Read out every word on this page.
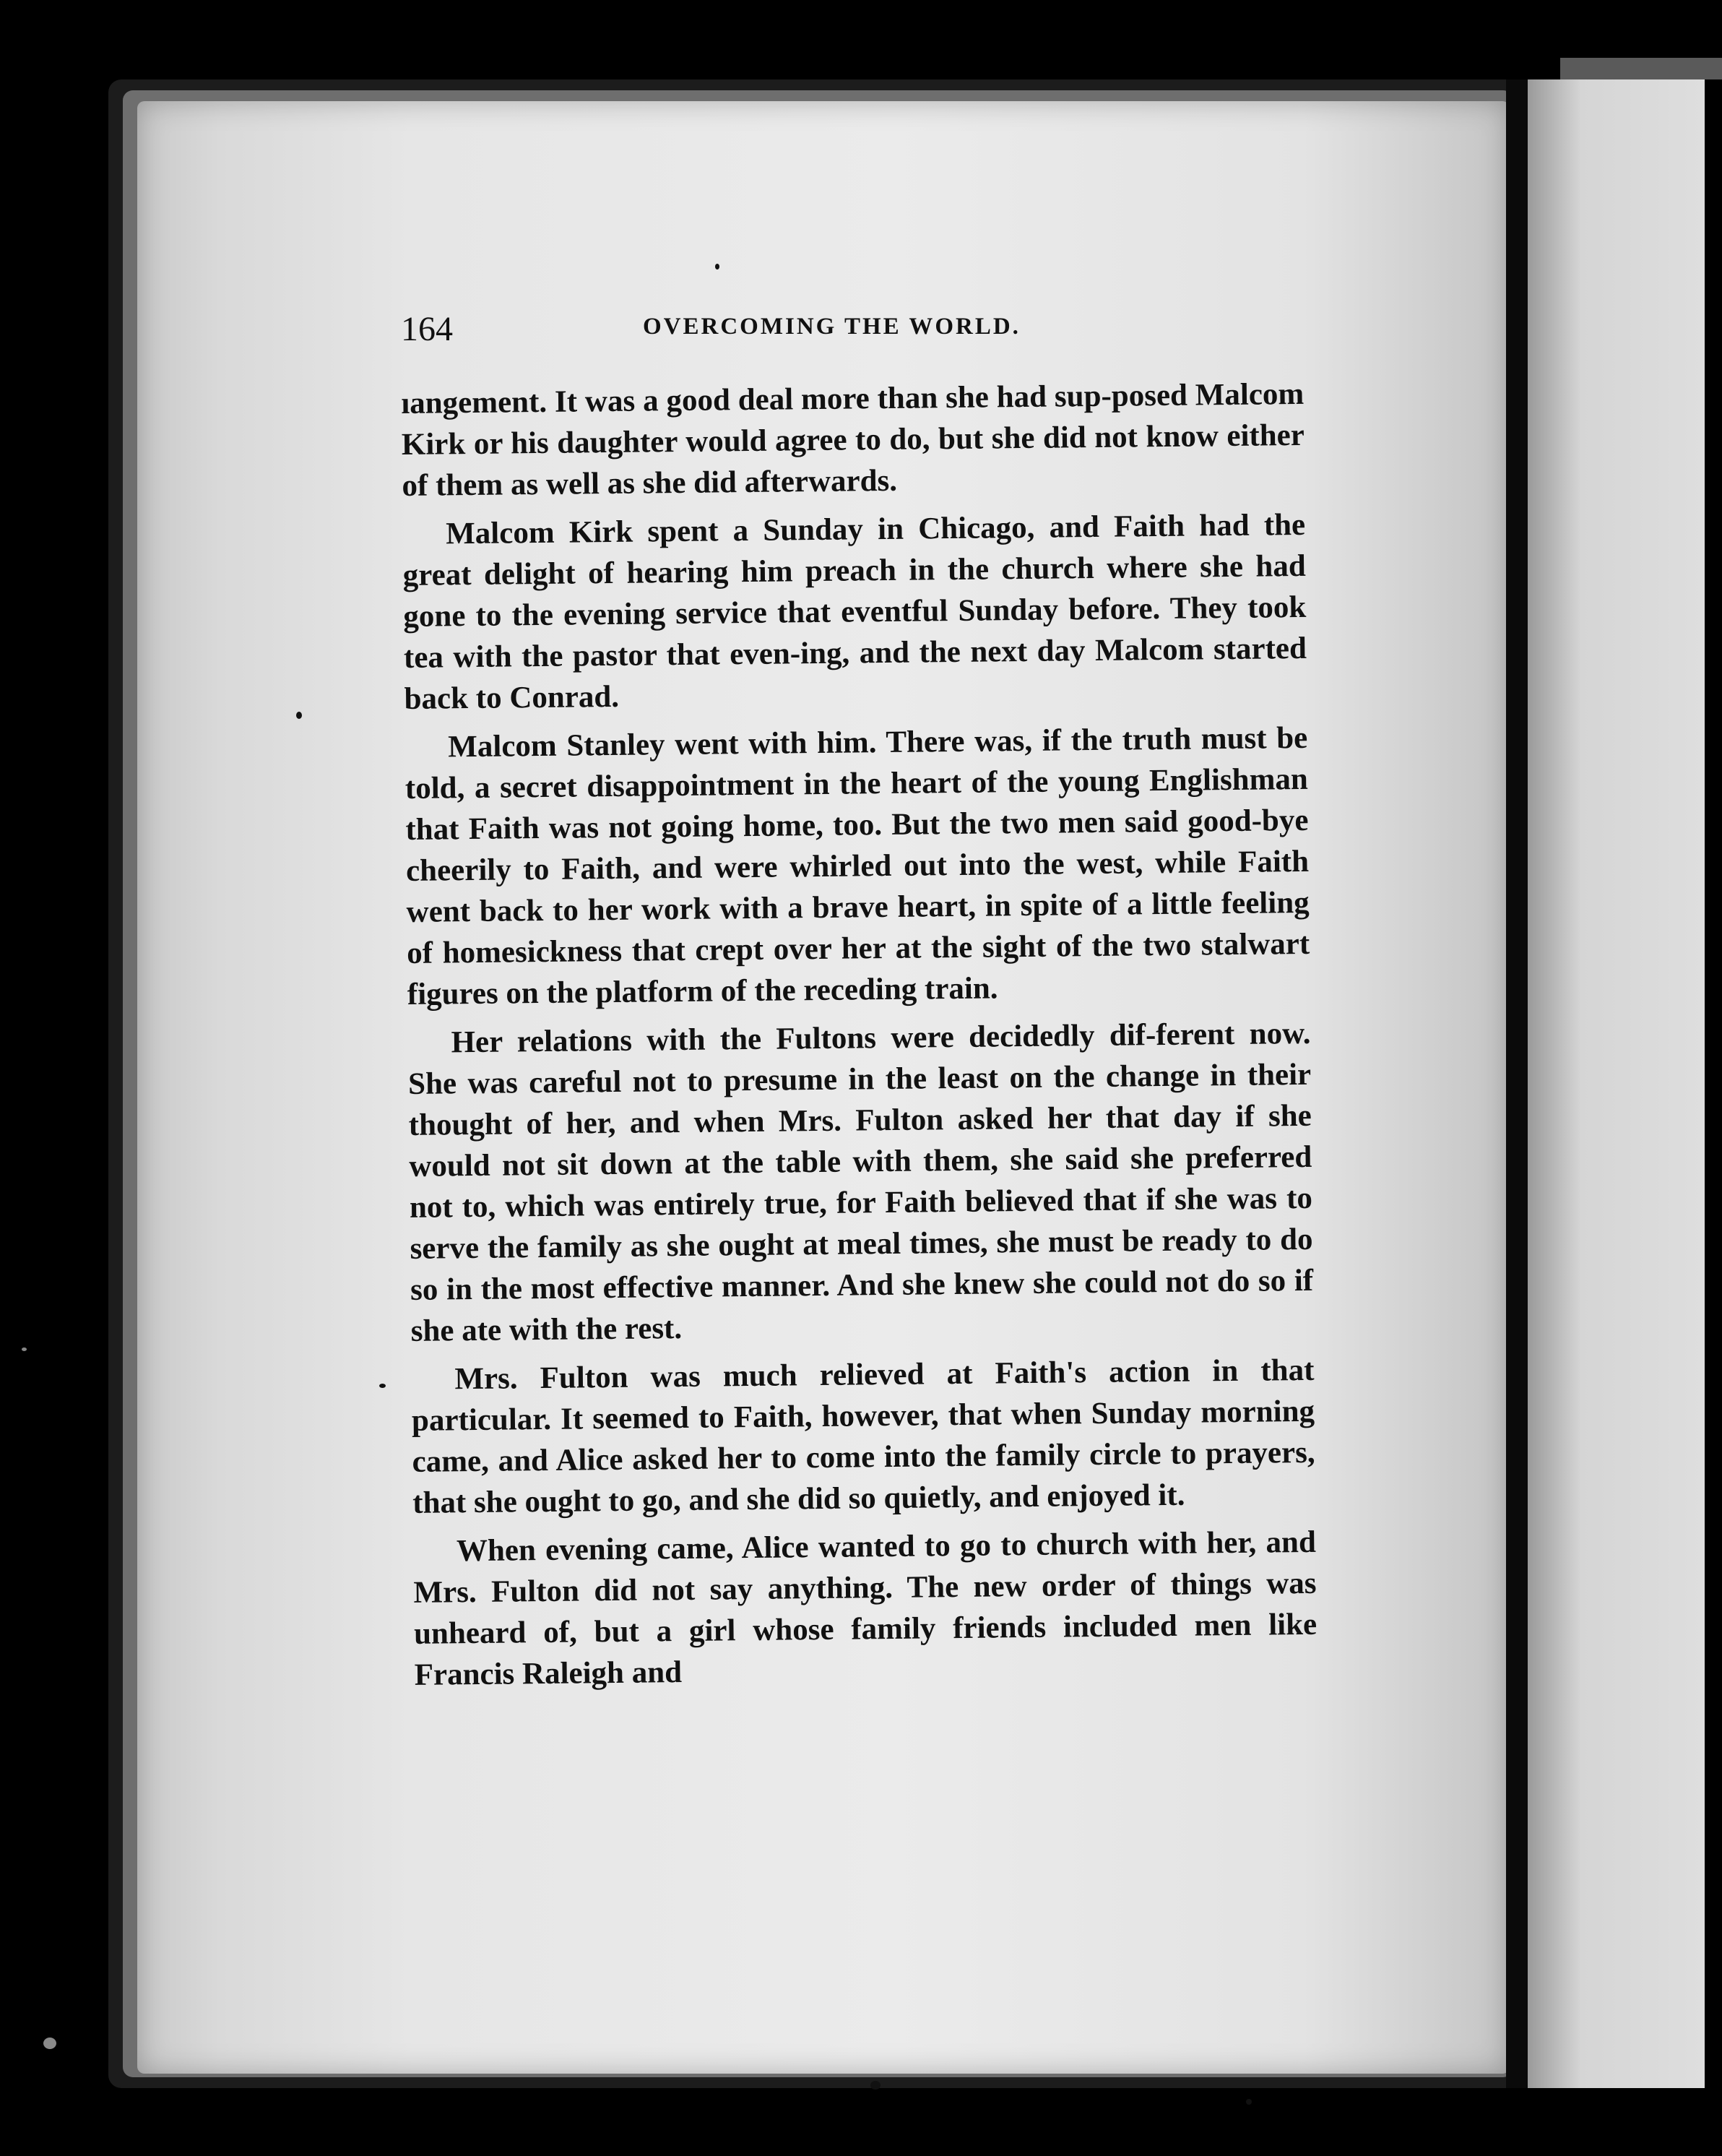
164	OVERCOMING THE WORLD.

ıangement. It was a good deal more than she had sup-posed Malcom Kirk or his daughter would agree to do, but she did not know either of them as well as she did afterwards.

Malcom Kirk spent a Sunday in Chicago, and Faith had the great delight of hearing him preach in the church where she had gone to the evening service that eventful Sunday before. They took tea with the pastor that even-ing, and the next day Malcom started back to Conrad.

Malcom Stanley went with him. There was, if the truth must be told, a secret disappointment in the heart of the young Englishman that Faith was not going home, too. But the two men said good-bye cheerily to Faith, and were whirled out into the west, while Faith went back to her work with a brave heart, in spite of a little feeling of homesickness that crept over her at the sight of the two stalwart figures on the platform of the receding train.

Her relations with the Fultons were decidedly dif-ferent now. She was careful not to presume in the least on the change in their thought of her, and when Mrs. Fulton asked her that day if she would not sit down at the table with them, she said she preferred not to, which was entirely true, for Faith believed that if she was to serve the family as she ought at meal times, she must be ready to do so in the most effective manner. And she knew she could not do so if she ate with the rest.

Mrs. Fulton was much relieved at Faith's action in that particular. It seemed to Faith, however, that when Sunday morning came, and Alice asked her to come into the family circle to prayers, that she ought to go, and she did so quietly, and enjoyed it.

When evening came, Alice wanted to go to church with her, and Mrs. Fulton did not say anything. The new order of things was unheard of, but a girl whose family friends included men like Francis Raleigh and
